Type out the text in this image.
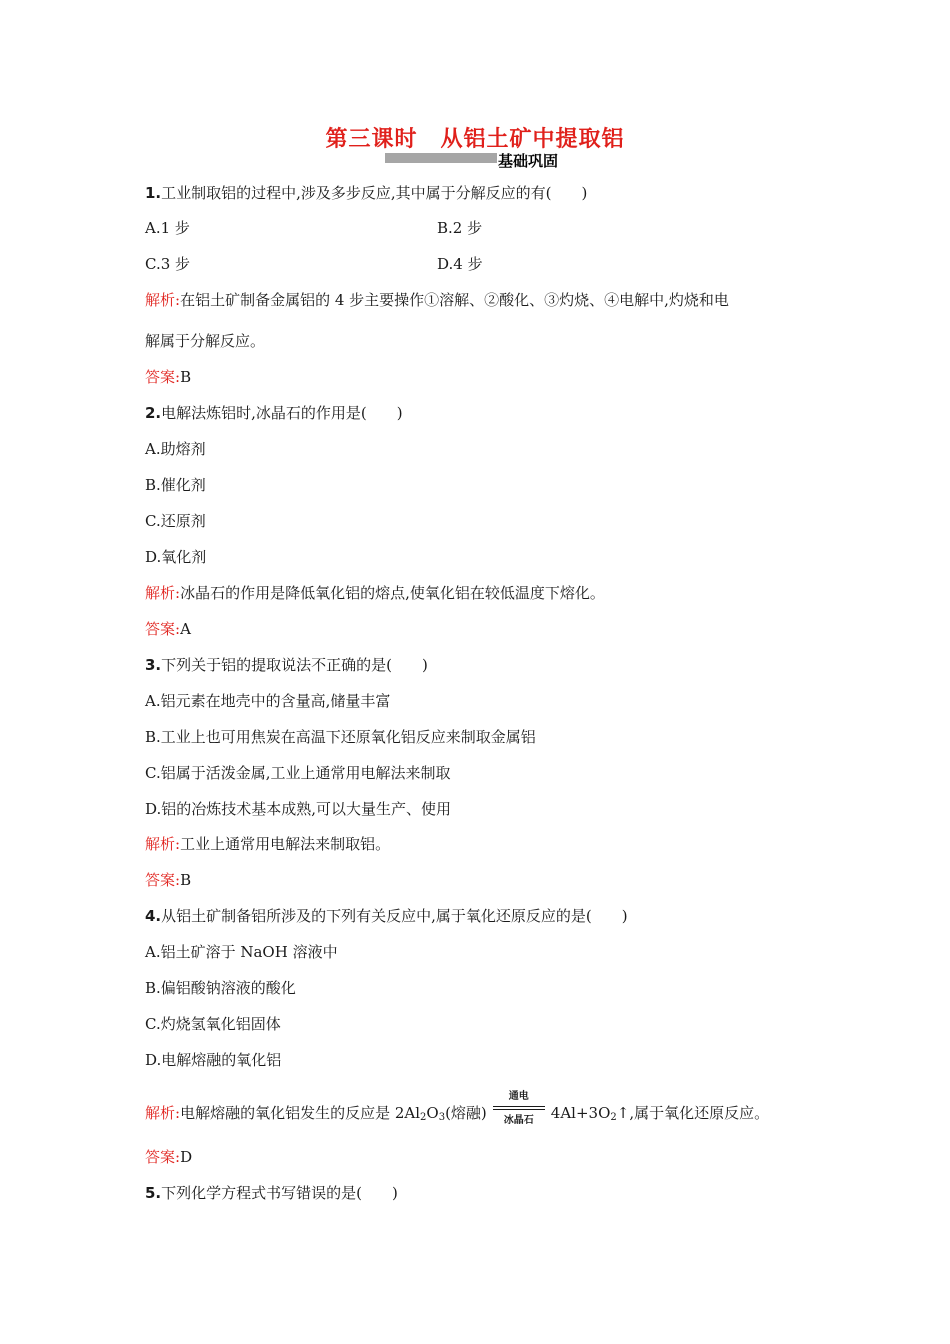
第三课时　从铝土矿中提取铝
基础巩固
1.工业制取铝的过程中,涉及多步反应,其中属于分解反应的有(　　)
A.1 步	B.2 步
C.3 步	D.4 步
解析:在铝土矿制备金属铝的 4 步主要操作①溶解、②酸化、③灼烧、④电解中,灼烧和电
解属于分解反应。
答案:B
2.电解法炼铝时,冰晶石的作用是(　　)
A.助熔剂
B.催化剂
C.还原剂
D.氧化剂
解析:冰晶石的作用是降低氧化铝的熔点,使氧化铝在较低温度下熔化。
答案:A
3.下列关于铝的提取说法不正确的是(　　)
A.铝元素在地壳中的含量高,储量丰富
B.工业上也可用焦炭在高温下还原氧化铝反应来制取金属铝
C.铝属于活泼金属,工业上通常用电解法来制取
D.铝的冶炼技术基本成熟,可以大量生产、使用
解析:工业上通常用电解法来制取铝。
答案:B
4.从铝土矿制备铝所涉及的下列有关反应中,属于氧化还原反应的是(　　)
A.铝土矿溶于 NaOH 溶液中
B.偏铝酸钠溶液的酸化
C.灼烧氢氧化铝固体
D.电解熔融的氧化铝
解析:电解熔融的氧化铝发生的反应是 $2Al_2O_3$(熔融)
通电
冰晶石	$4Al+3O_2↑$,属于氧化还原反应。
答案:D
5.下列化学方程式书写错误的是(　　)
